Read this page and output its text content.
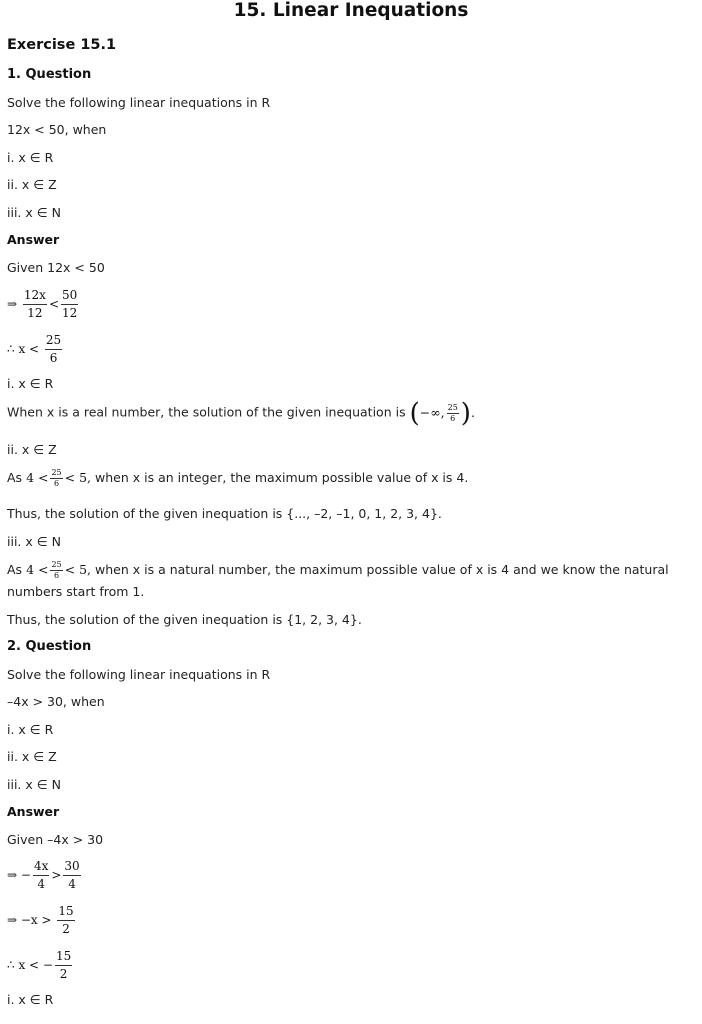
15. Linear Inequations
Exercise 15.1
1. Question
Solve the following linear inequations in R
12x < 50, when
i. x ∈ R
ii. x ∈ Z
iii. x ∈ N
Answer
Given 12x < 50
⇒ $\frac{12x}{12} < \frac{50}{12}$
∴ $x < \frac{25}{6}$
i. x ∈ R
When x is a real number, the solution of the given inequation is (−∞, $\frac{25}{6}$ ).
ii. x ∈ Z
As $4 < \frac{25}{6} < 5$, when x is an integer, the maximum possible value of x is 4.
Thus, the solution of the given inequation is {..., –2, –1, 0, 1, 2, 3, 4}.
iii. x ∈ N
As $4 < \frac{25}{6} < 5$, when x is a natural number, the maximum possible value of x is 4 and we know the natural
numbers start from 1.
Thus, the solution of the given inequation is {1, 2, 3, 4}.
2. Question
Solve the following linear inequations in R
–4x > 30, when
i. x ∈ R
ii. x ∈ Z
iii. x ∈ N
Answer
Given –4x > 30
⇒ − $\frac{4x}{4} > \frac{30}{4}$
⇒ $-x > \frac{15}{2}$
∴ x < − $\frac{15}{2}$
i. x ∈ R
